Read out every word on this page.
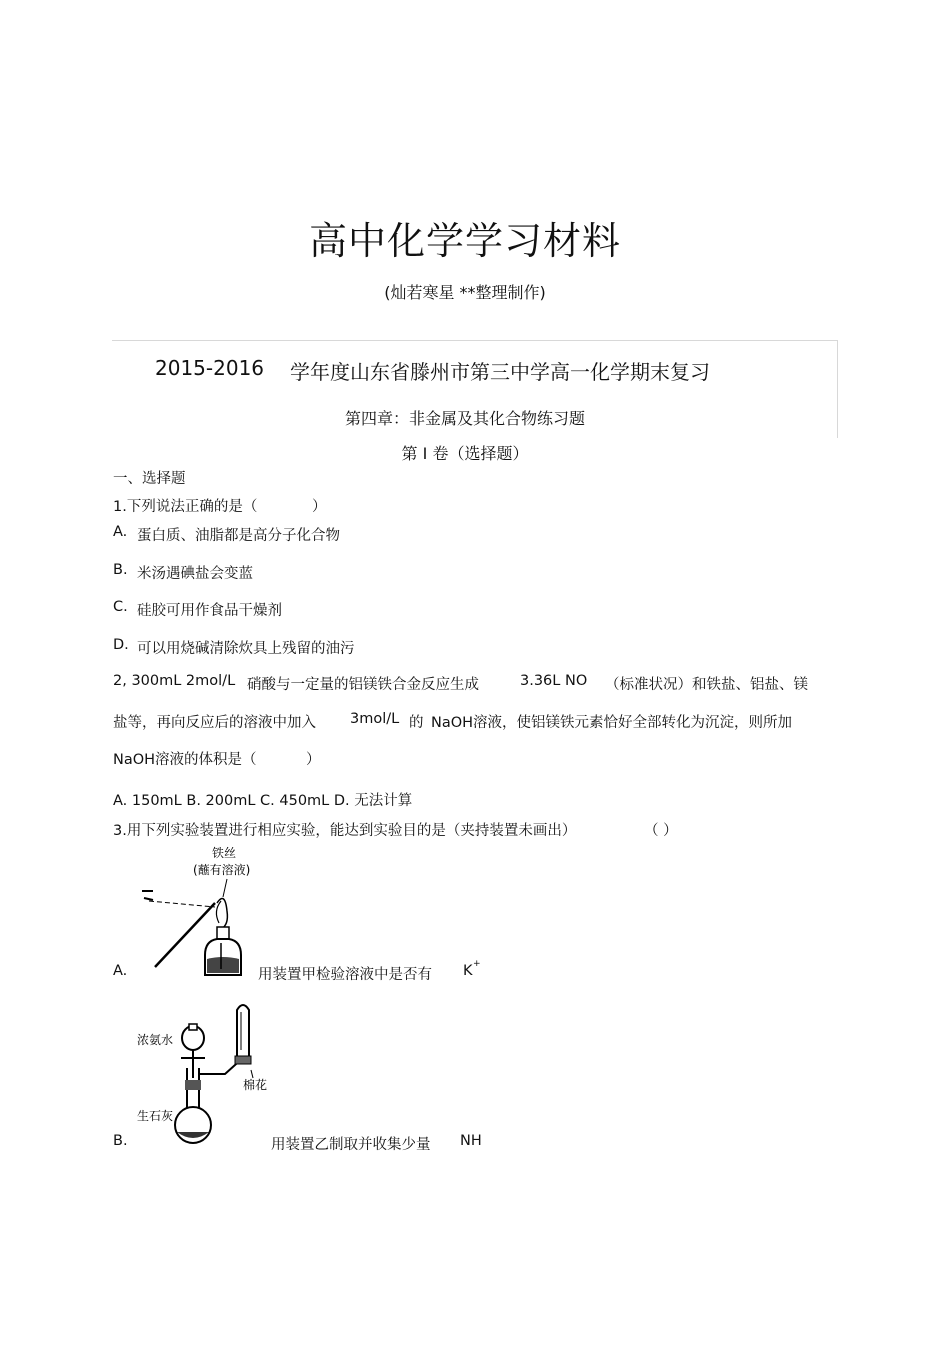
高中化学学习材料
(灿若寒星 **整理制作)
2015-2016 学年度山东省滕州市第三中学高一化学期末复习
第四章：非金属及其化合物练习题
第 I 卷（选择题）
一、选择题
1.下列说法正确的是（	）
A. 蛋白质、油脂都是高分子化合物
B. 米汤遇碘盐会变蓝
C. 硅胶可用作食品干燥剂
D. 可以用烧碱清除炊具上残留的油污
2, 300mL 2mol/L 硝酸与一定量的铝镁铁合金反应生成	3.36L NO （标准状况）和铁盐、铝盐、镁
盐等，再向反应后的溶液中加入 3mol/L 的 NaOH溶液，使铝镁铁元素恰好全部转化为沉淀，则所加
NaOH溶液的体积是（	）
A. 150mL B. 200mL C. 450mL D. 无法计算
3.用下列实验装置进行相应实验，能达到实验目的是（夹持装置未画出）	（ ）
铁丝
(蘸有溶液)
A.	用装置甲检验溶液中是否有 K +
浓氨水
棉花
生石灰
B.	用装置乙制取并收集少量 NH
